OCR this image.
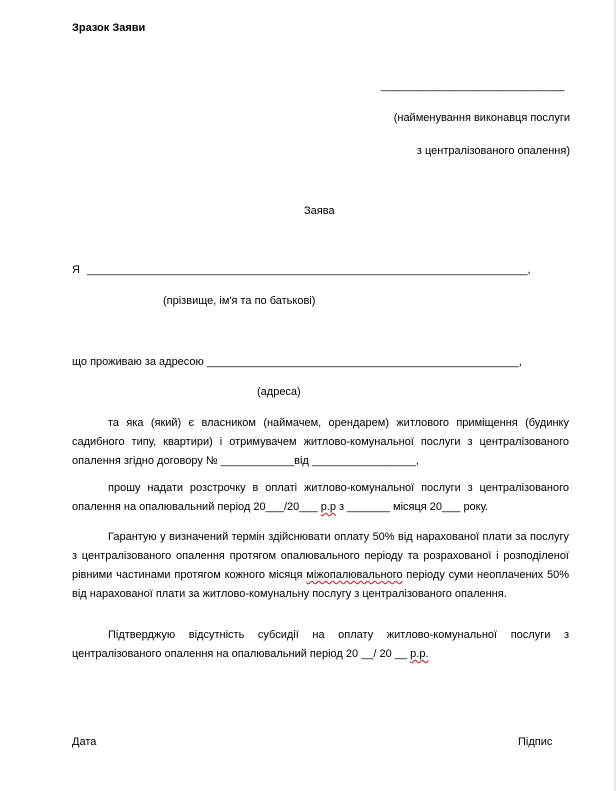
Зразок Заяви
______________________________
(найменування виконавця послуги
з централізованого опалення)
Заява
Я ________________________________________________________________________,
(прізвище, ім'я та по батькові)
що проживаю за адресою ___________________________________________________,
(адреса)
та яка (який) є власником (наймачем, орендарем) житлового приміщення (будинку садибного типу, квартири) і отримувачем житлово-комунальної послуги з централізованого опалення згідно договору № ____________від _________________,
прошу надати розстрочку в оплаті житлово-комунальної послуги з централізованого опалення на опалювальний період 20___/20___ р.р з _______ місяця 20___ року.
Гарантую у визначений термін здійснювати оплату 50% від нарахованої плати за послугу з централізованого опалення протягом опалювального періоду та розрахованої і розподіленої рівними частинами протягом кожного місяця міжопалювального періоду суми неоплачених 50% від нарахованої плати за житлово-комунальну послугу з централізованого опалення.
Підтверджую відсутність субсидії на оплату житлово-комунальної послуги з централізованого опалення на опалювальний період 20 __/ 20 __ р.р.
Дата	Підпис
